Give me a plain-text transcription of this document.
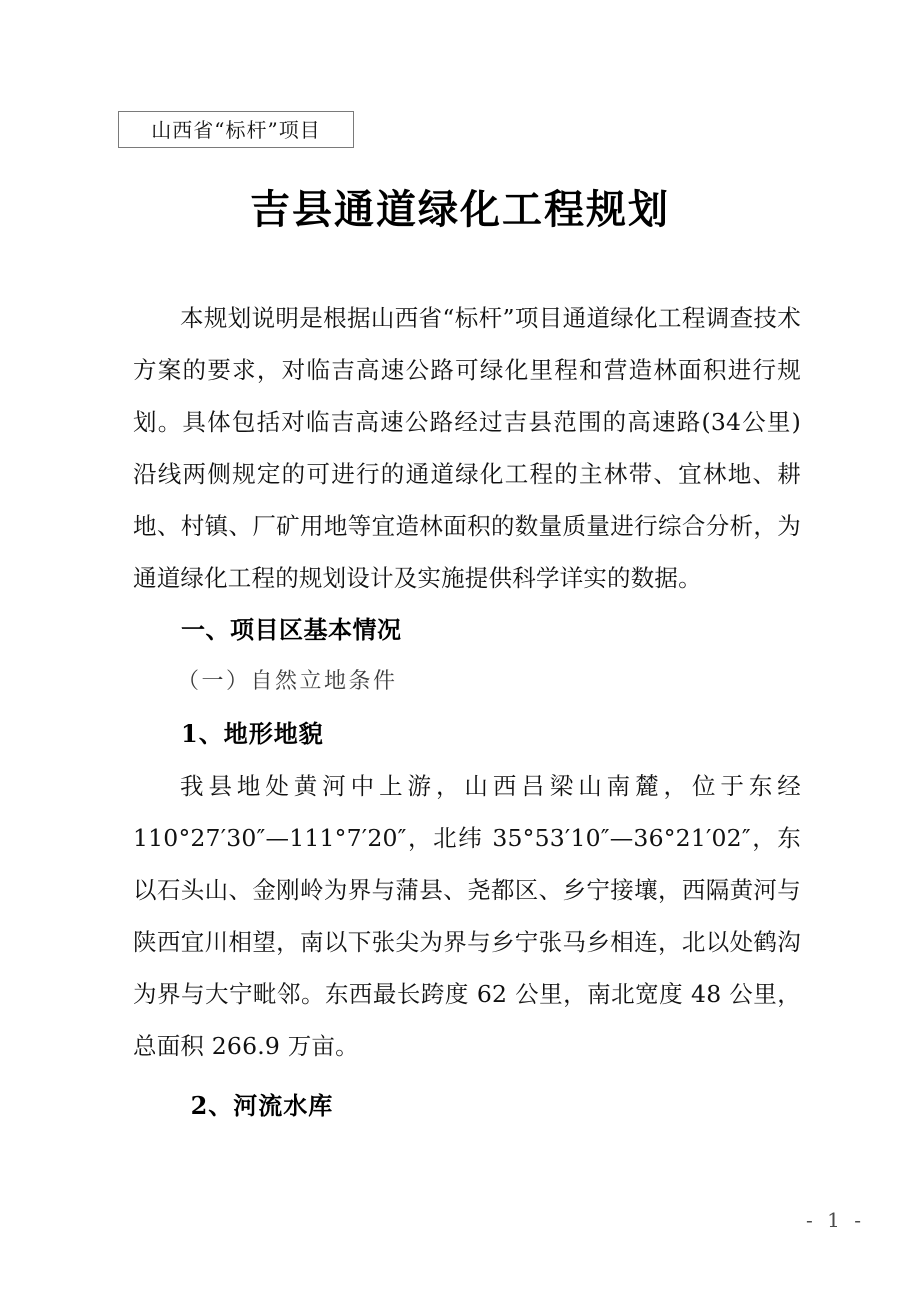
山西省“标杆”项目
吉县通道绿化工程规划

本规划说明是根据山西省“标杆”项目通道绿化工程调查技术方案的要求，对临吉高速公路可绿化里程和营造林面积进行规划。具体包括对临吉高速公路经过吉县范围的高速路(34公里) 沿线两侧规定的可进行的通道绿化工程的主林带、宜林地、耕地、村镇、厂矿用地等宜造林面积的数量质量进行综合分析，为通道绿化工程的规划设计及实施提供科学详实的数据。

一、项目区基本情况
（一）自然立地条件
1、地形地貌

我县地处黄河中上游，山西吕梁山南麓，位于东经 110°27′30″—111°7′20″，北纬 35°53′10″—36°21′02″，东以石头山、金刚岭为界与蒲县、尧都区、乡宁接壤，西隔黄河与陕西宜川相望，南以下张尖为界与乡宁张马乡相连，北以处鹤沟为界与大宁毗邻。东西最长跨度 62 公里，南北宽度 48 公里，总面积 266.9 万亩。

2、河流水库
- 1 -
